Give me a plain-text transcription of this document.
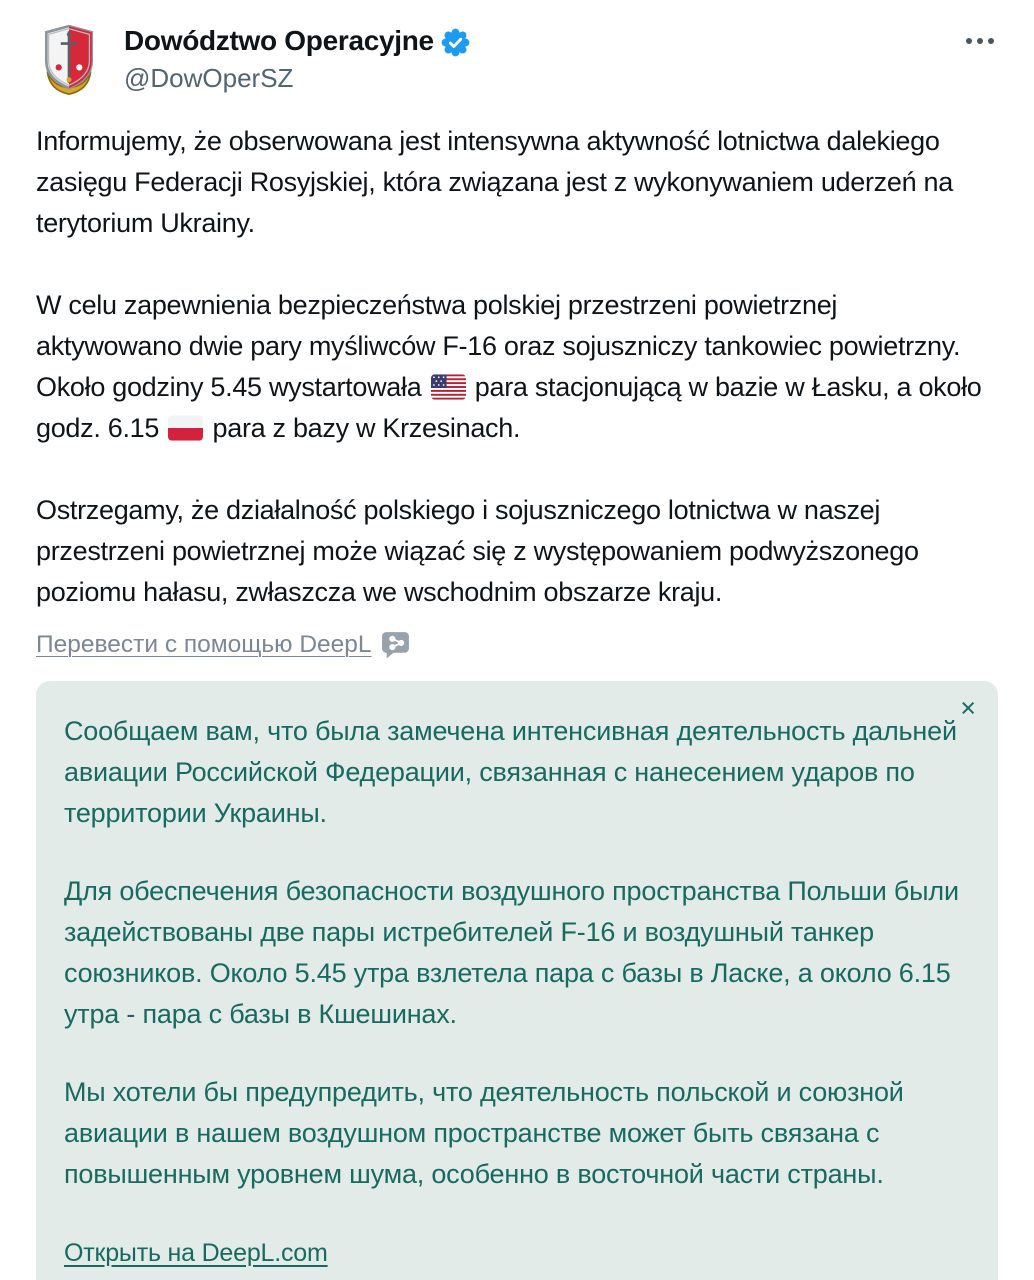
Dowództwo Operacyjne
@DowOperSZ

Informujemy, że obserwowana jest intensywna aktywność lotnictwa dalekiego zasięgu Federacji Rosyjskiej, która związana jest z wykonywaniem uderzeń na terytorium Ukrainy.

W celu zapewnienia bezpieczeństwa polskiej przestrzeni powietrznej aktywowano dwie pary myśliwców F-16 oraz sojuszniczy tankowiec powietrzny. Około godziny 5.45 wystartowała
para stacjonującą w bazie w Łasku, a około godz. 6.15
para z bazy w Krzesinach.

Ostrzegamy, że działalność polskiego i sojuszniczego lotnictwa w naszej przestrzeni powietrznej może wiązać się z występowaniem podwyższonego poziomu hałasu, zwłaszcza we wschodnim obszarze kraju.

Перевести с помощью DeepL
×

Сообщаем вам, что была замечена интенсивная деятельность дальней авиации Российской Федерации, связанная с нанесением ударов по территории Украины.

Для обеспечения безопасности воздушного пространства Польши были задействованы две пары истребителей F-16 и воздушный танкер союзников. Около 5.45 утра взлетела пара с базы в Ласке, а около 6.15 утра - пара с базы в Кшешинах.

Мы хотели бы предупредить, что деятельность польской и союзной авиации в нашем воздушном пространстве может быть связана с повышенным уровнем шума, особенно в восточной части страны.

Открыть на DeepL.com
